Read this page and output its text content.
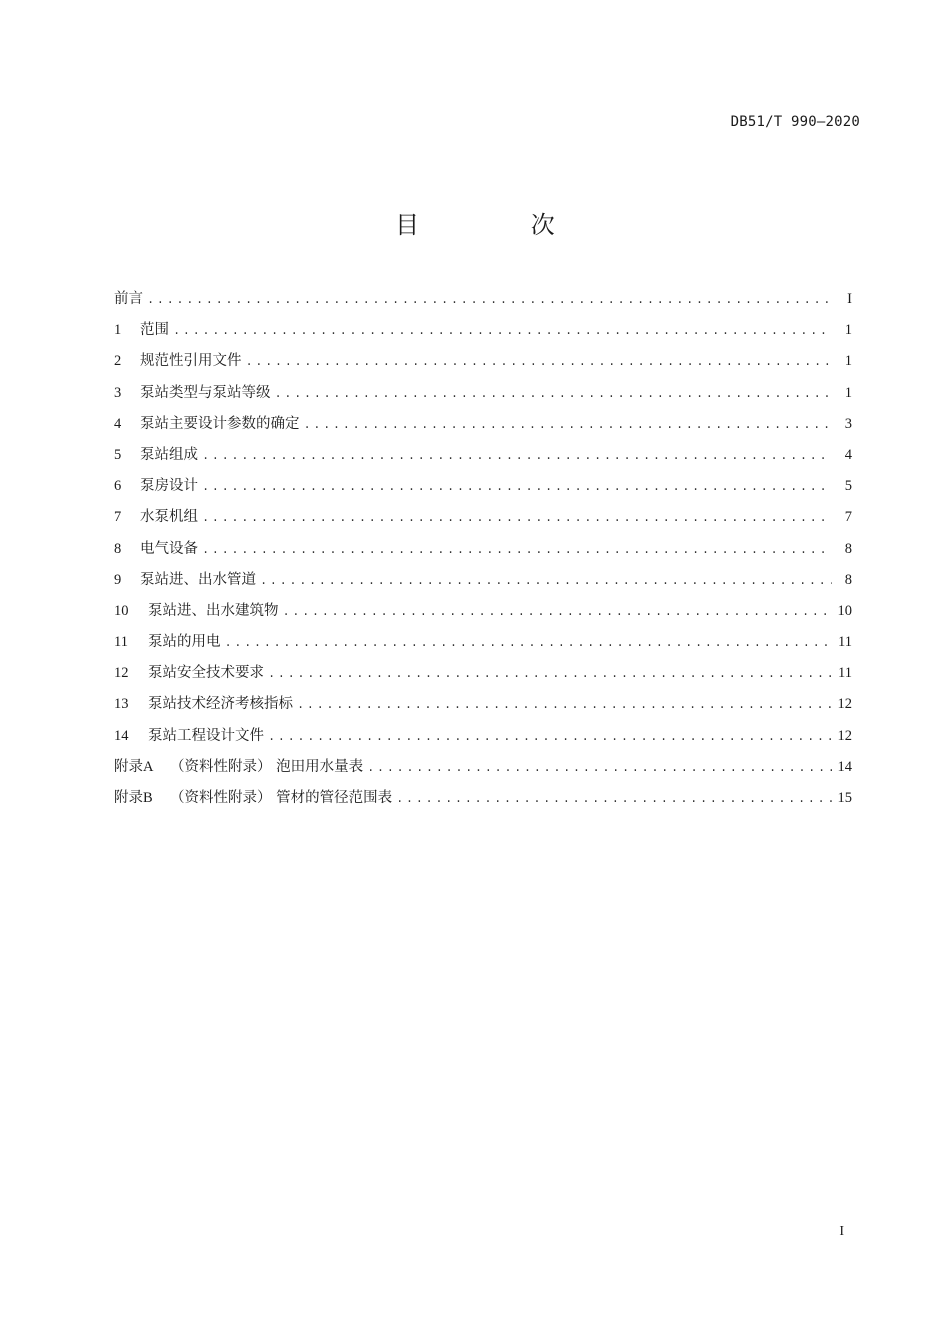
DB51/T 990—2020
目 次
前言 .....	I
1	范围 .....	1
2	规范性引用文件 .....	1
3	泵站类型与泵站等级 .....	1
4	泵站主要设计参数的确定 .....	3
5	泵站组成 .....	4
6	泵房设计 .....	5
7	水泵机组 .....	7
8	电气设备 .....	8
9	泵站进、出水管道 .....	8
10	泵站进、出水建筑物 .....	10
11	泵站的用电 .....	11
12	泵站安全技术要求 .....	11
13	泵站技术经济考核指标 .....	12
14	泵站工程设计文件 .....	12
附录A	（资料性附录） 泡田用水量表 .....	14
附录B	（资料性附录） 管材的管径范围表 .....	15
I
